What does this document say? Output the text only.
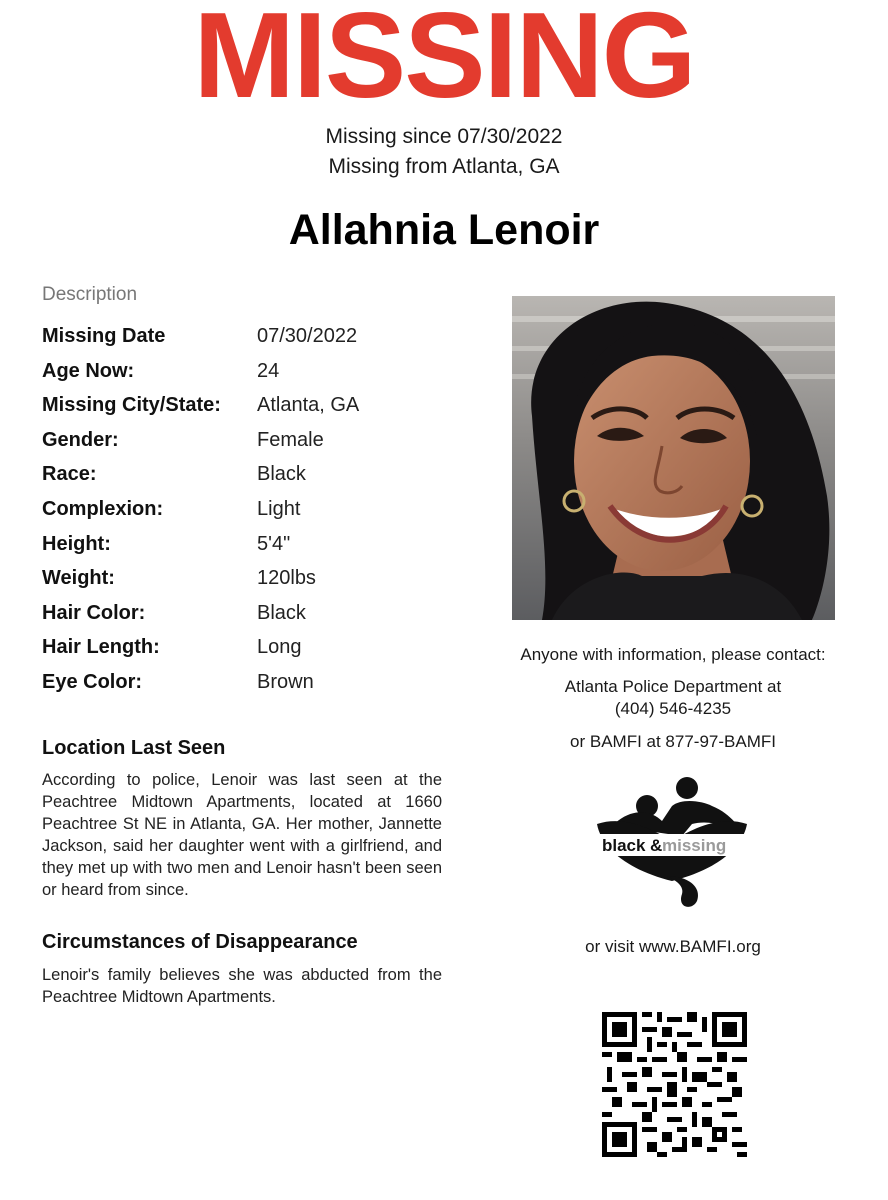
MISSING
Missing since 07/30/2022
Missing from Atlanta, GA
Allahnia Lenoir
Description
Missing Date	07/30/2022
Age Now:	24
Missing City/State: Atlanta, GA
Gender:	Female
Race:	Black
Complexion:	Light
Height:	5'4"
Weight:	120lbs
Hair Color:	Black
Hair Length:	Long
Eye Color:	Brown
Location Last Seen
According to police, Lenoir was last seen at the Peachtree Midtown Apartments, located at 1660 Peachtree St NE in Atlanta, GA. Her mother, Jannette Jackson, said her daughter went with a girlfriend, and they met up with two men and Lenoir hasn't been seen or heard from since.
Circumstances of Disappearance
Lenoir's family believes she was abducted from the Peachtree Midtown Apartments.
Anyone with information, please contact:
Atlanta Police Department at
(404) 546-4235
or BAMFI at 877-97-BAMFI
black & missing
or visit www.BAMFI.org
